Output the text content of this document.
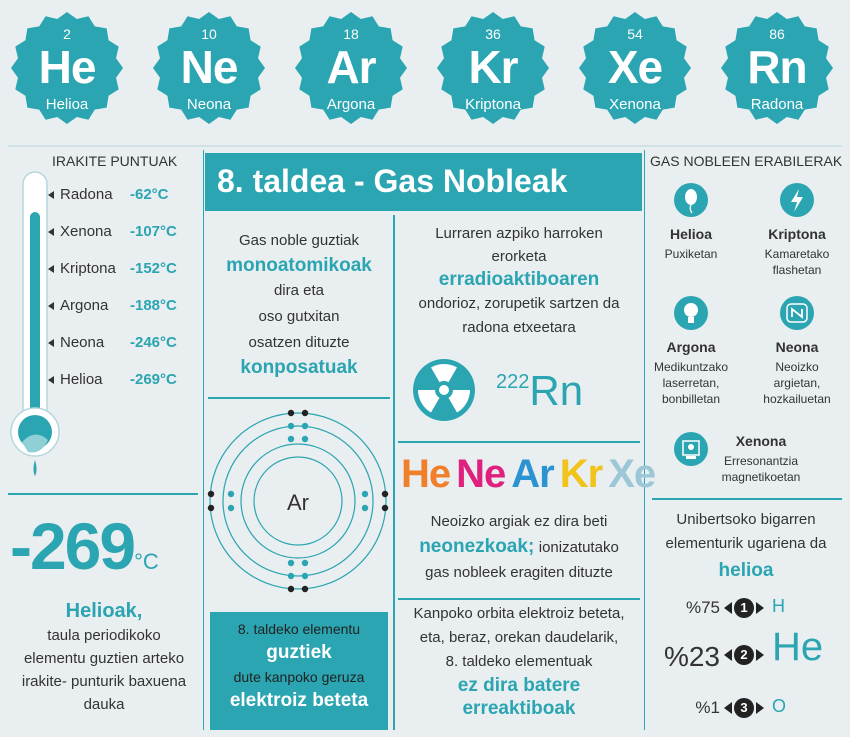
2
He
Helioa
10
Ne
Neona
18
Ar
Argona
36
Kr
Kriptona
54
Xe
Xenona
86
Rn
Radona
8. taldea - Gas Nobleak
IRAKITE PUNTUAK
Radona -62°C
Xenona -107°C
Kriptona -152°C
Argona -188°C
Neona -246°C
Helioa -269°C
-269°C
Helioak,
taula periodikoko
elementu guztien arteko
irakite- punturik baxuena
dauka
Gas noble guztiak
monoatomikoak
dira eta
oso gutxitan
osatzen dituzte
konposatuak
Ar
8. taldeko elementu
guztiek
dute kanpoko geruza
elektroiz beteta
Lurraren azpiko harroken
erorketa
erradioaktiboaren
ondorioz, zorupetik sartzen da
radona etxeetara
222Rn
He Ne Ar Kr Xe
Neoizko argiak ez dira beti
neonezkoak; ionizatutako
gas nobleek eragiten dituzte
Kanpoko orbita elektroiz beteta,
eta, beraz, orekan daudelarik,
8. taldeko elementuak
ez dira batere
erreaktiboak
GAS NOBLEEN ERABILERAK
Helioa
Puxiketan
Kriptona
Kamaretako
flashetan
Argona
Medikuntzako
laserretan,
bonbilletan
Neona
Neoizko
argietan,
hozkailuetan
Xenona
Erresonantzia
magnetikoetan
Unibertsoko bigarren
elementurik ugariena da
helioa
%75	1	H
%23	2 He
%1	3	O
